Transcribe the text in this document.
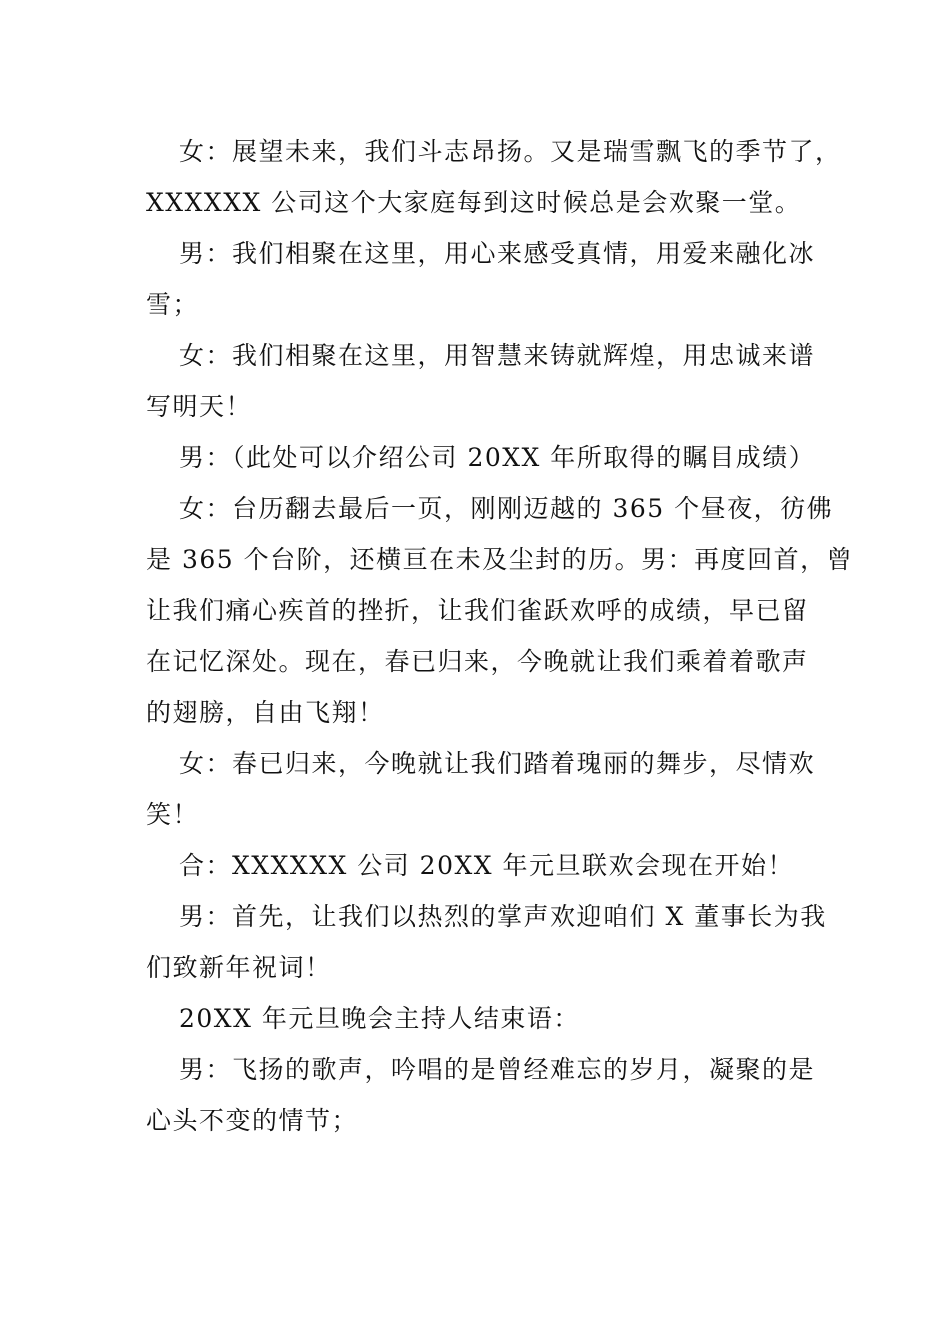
女：展望未来，我们斗志昂扬。又是瑞雪飘飞的季节了，
XXXXXX 公司这个大家庭每到这时候总是会欢聚一堂。
男：我们相聚在这里，用心来感受真情，用爱来融化冰
雪；
女：我们相聚在这里，用智慧来铸就辉煌，用忠诚来谱
写明天！
男：（此处可以介绍公司 20XX 年所取得的瞩目成绩）
女：台历翻去最后一页，刚刚迈越的 365 个昼夜，彷佛
是 365 个台阶，还横亘在未及尘封的历。男：再度回首，曾
让我们痛心疾首的挫折，让我们雀跃欢呼的成绩，早已留
在记忆深处。现在，春已归来，今晚就让我们乘着着歌声
的翅膀，自由飞翔！
女：春已归来，今晚就让我们踏着瑰丽的舞步，尽情欢
笑！
合：XXXXXX 公司 20XX 年元旦联欢会现在开始！
男：首先，让我们以热烈的掌声欢迎咱们 X 董事长为我
们致新年祝词！
20XX 年元旦晚会主持人结束语：
男：飞扬的歌声，吟唱的是曾经难忘的岁月，凝聚的是
心头不变的情节；
